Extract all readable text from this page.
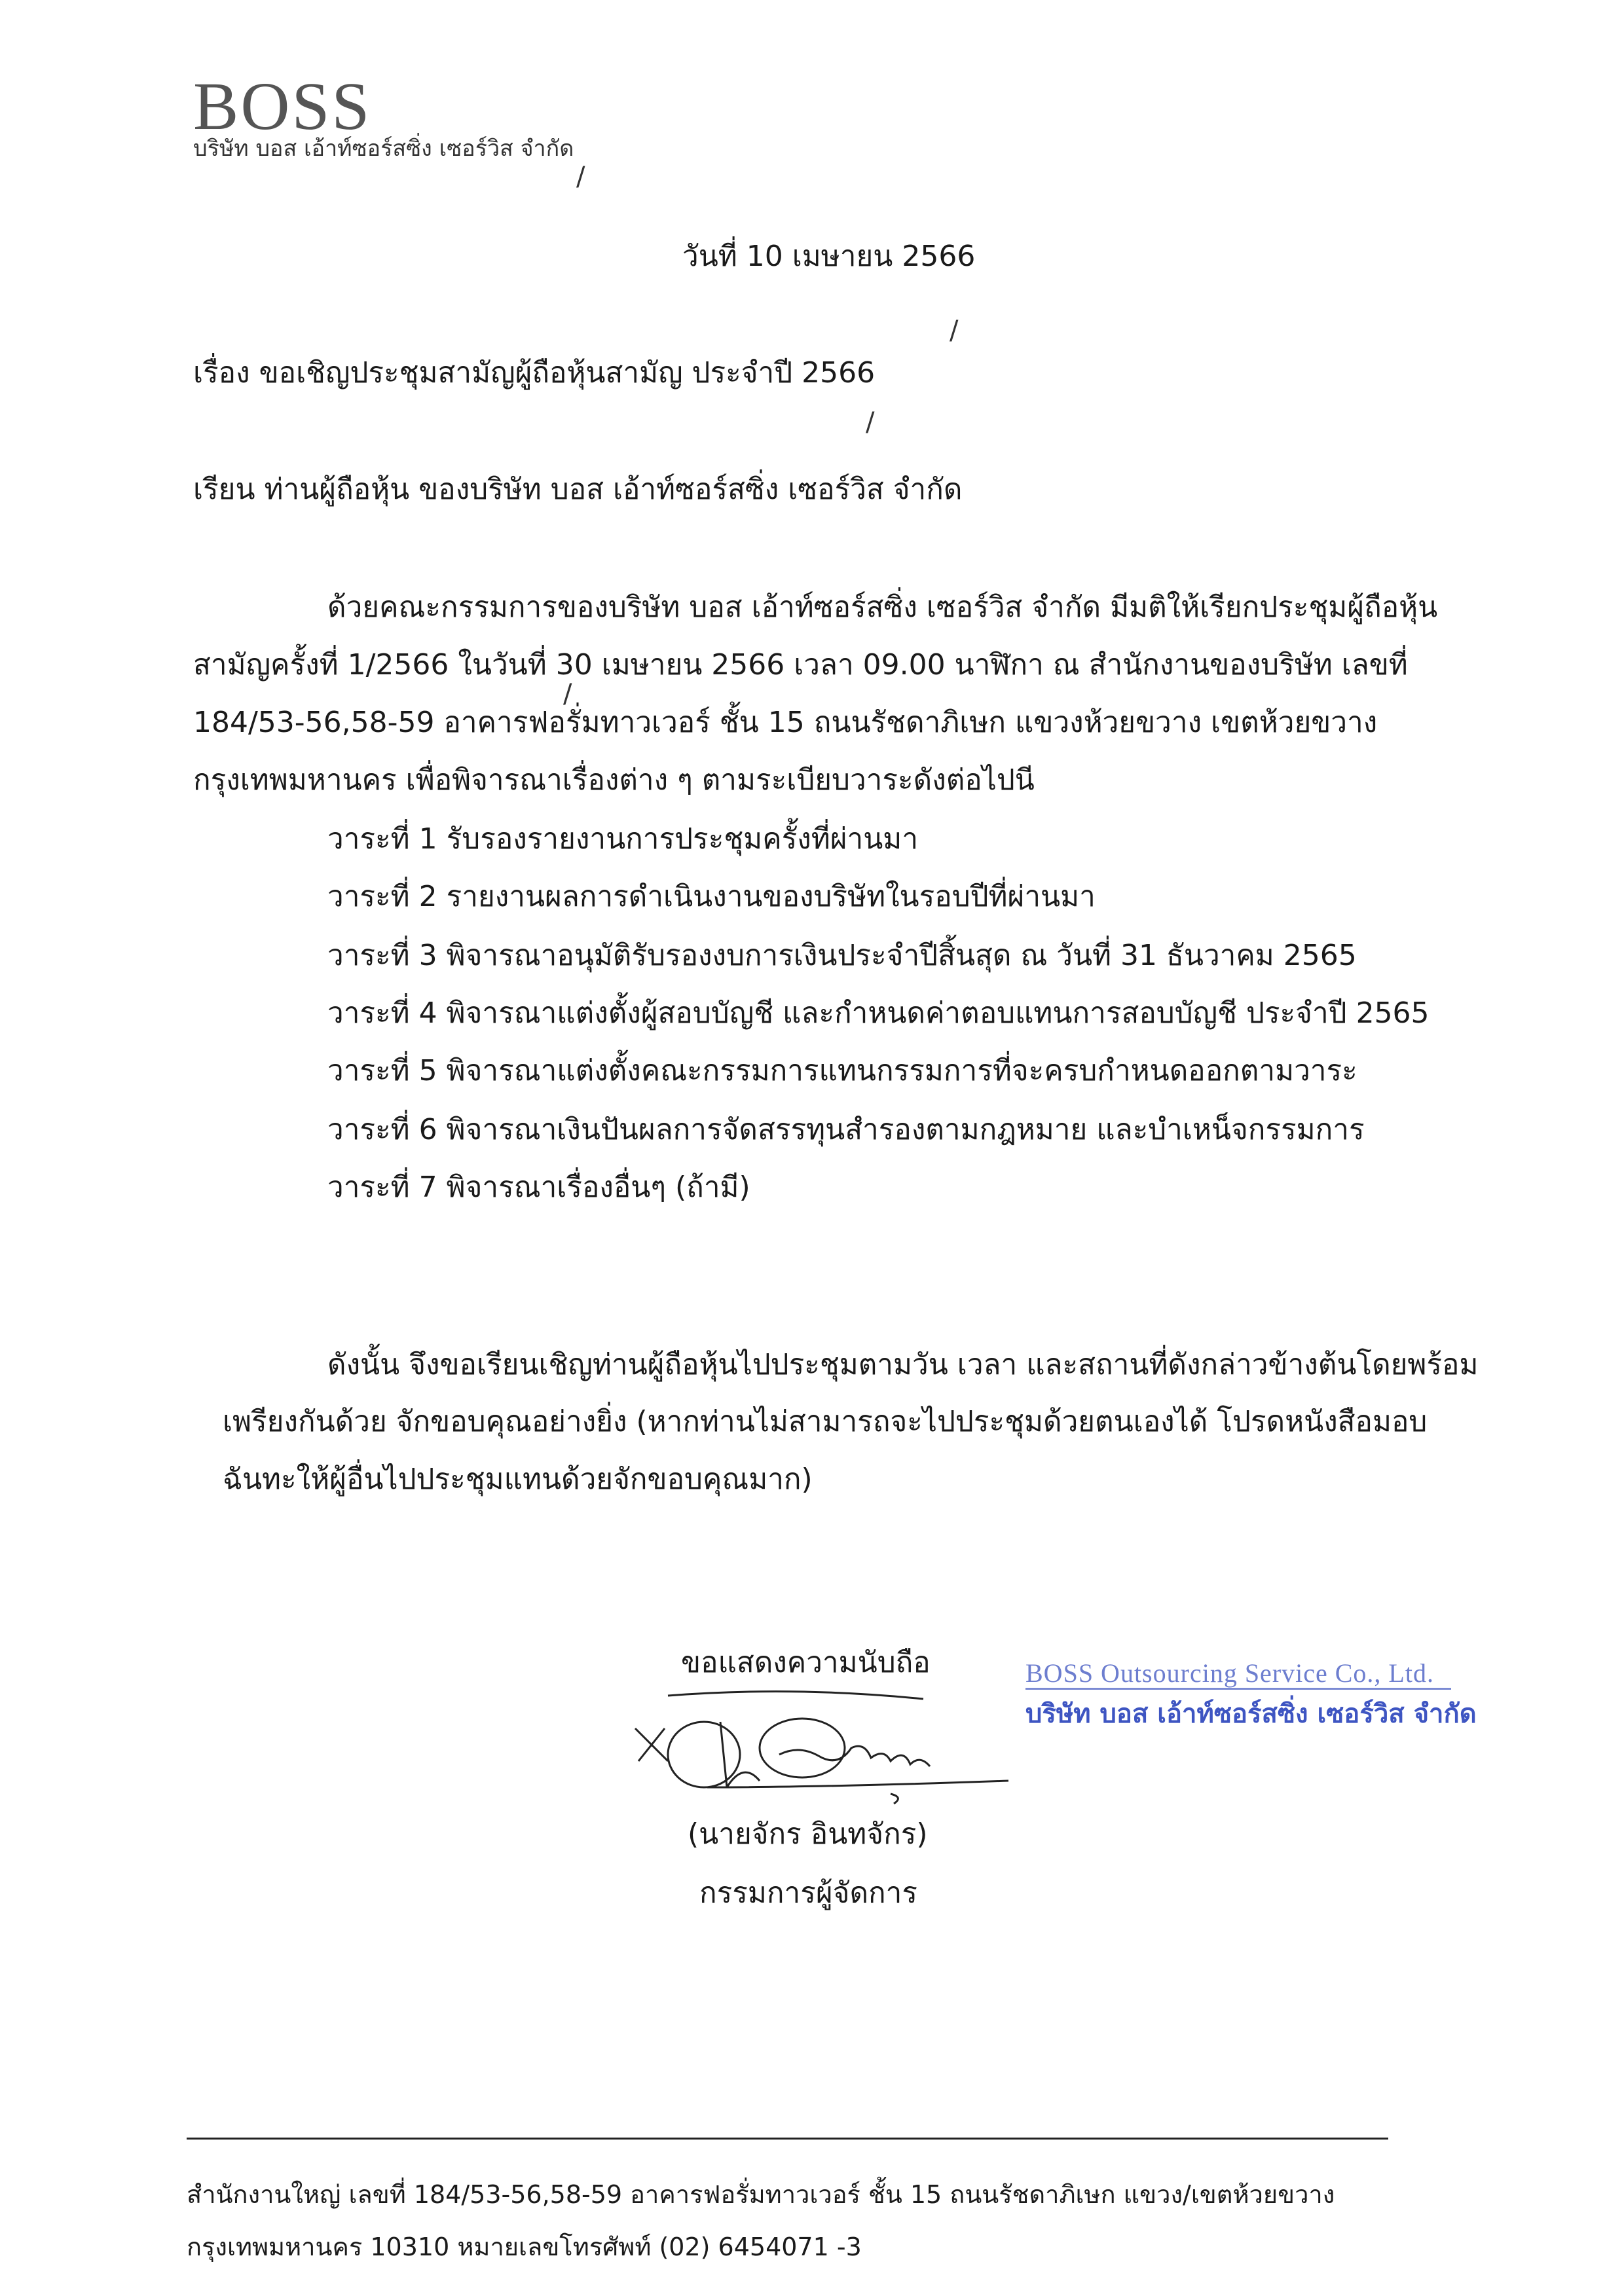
BOSS
บริษัท บอส เอ้าท์ซอร์สซิ่ง เซอร์วิส จำกัด
/
วันที่ 10 เมษายน 2566
/
เรื่อง ขอเชิญประชุมสามัญผู้ถือหุ้นสามัญ ประจำปี 2566
/
เรียน ท่านผู้ถือหุ้น ของบริษัท บอส เอ้าท์ซอร์สซิ่ง เซอร์วิส จำกัด
ด้วยคณะกรรมการของบริษัท บอส เอ้าท์ซอร์สซิ่ง เซอร์วิส จำกัด มีมติให้เรียกประชุมผู้ถือหุ้น
สามัญครั้งที่ 1/2566 ในวันที่ 30 เมษายน 2566 เวลา 09.00 นาฬิกา ณ สำนักงานของบริษัท เลขที่
/
184/53-56,58-59 อาคารฟอรั่มทาวเวอร์ ชั้น 15 ถนนรัชดาภิเษก แขวงห้วยขวาง เขตห้วยขวาง
กรุงเทพมหานคร เพื่อพิจารณาเรื่องต่าง ๆ ตามระเบียบวาระดังต่อไปนี
วาระที่ 1 รับรองรายงานการประชุมครั้งที่ผ่านมา
วาระที่ 2 รายงานผลการดำเนินงานของบริษัทในรอบปีที่ผ่านมา
วาระที่ 3 พิจารณาอนุมัติรับรองงบการเงินประจำปีสิ้นสุด ณ วันที่ 31 ธันวาคม 2565
วาระที่ 4 พิจารณาแต่งตั้งผู้สอบบัญชี และกำหนดค่าตอบแทนการสอบบัญชี ประจำปี 2565
วาระที่ 5 พิจารณาแต่งตั้งคณะกรรมการแทนกรรมการที่จะครบกำหนดออกตามวาระ
วาระที่ 6 พิจารณาเงินปันผลการจัดสรรทุนสำรองตามกฎหมาย และบำเหน็จกรรมการ
วาระที่ 7 พิจารณาเรื่องอื่นๆ (ถ้ามี)
ดังนั้น จึงขอเรียนเชิญท่านผู้ถือหุ้นไปประชุมตามวัน เวลา และสถานที่ดังกล่าวข้างต้นโดยพร้อม
เพรียงกันด้วย จักขอบคุณอย่างยิ่ง (หากท่านไม่สามารถจะไปประชุมด้วยตนเองได้ โปรดหนังสือมอบ
ฉันทะให้ผู้อื่นไปประชุมแทนด้วยจักขอบคุณมาก)
ขอแสดงความนับถือ
(นายจักร อินทจักร)
กรรมการผู้จัดการ
BOSS Outsourcing Service Co., Ltd.
บริษัท บอส เอ้าท์ซอร์สซิ่ง เซอร์วิส จำกัด
สำนักงานใหญ่ เลขที่ 184/53-56,58-59 อาคารฟอรั่มทาวเวอร์ ชั้น 15 ถนนรัชดาภิเษก แขวง/เขตห้วยขวาง
กรุงเทพมหานคร 10310 หมายเลขโทรศัพท์ (02) 6454071 -3
